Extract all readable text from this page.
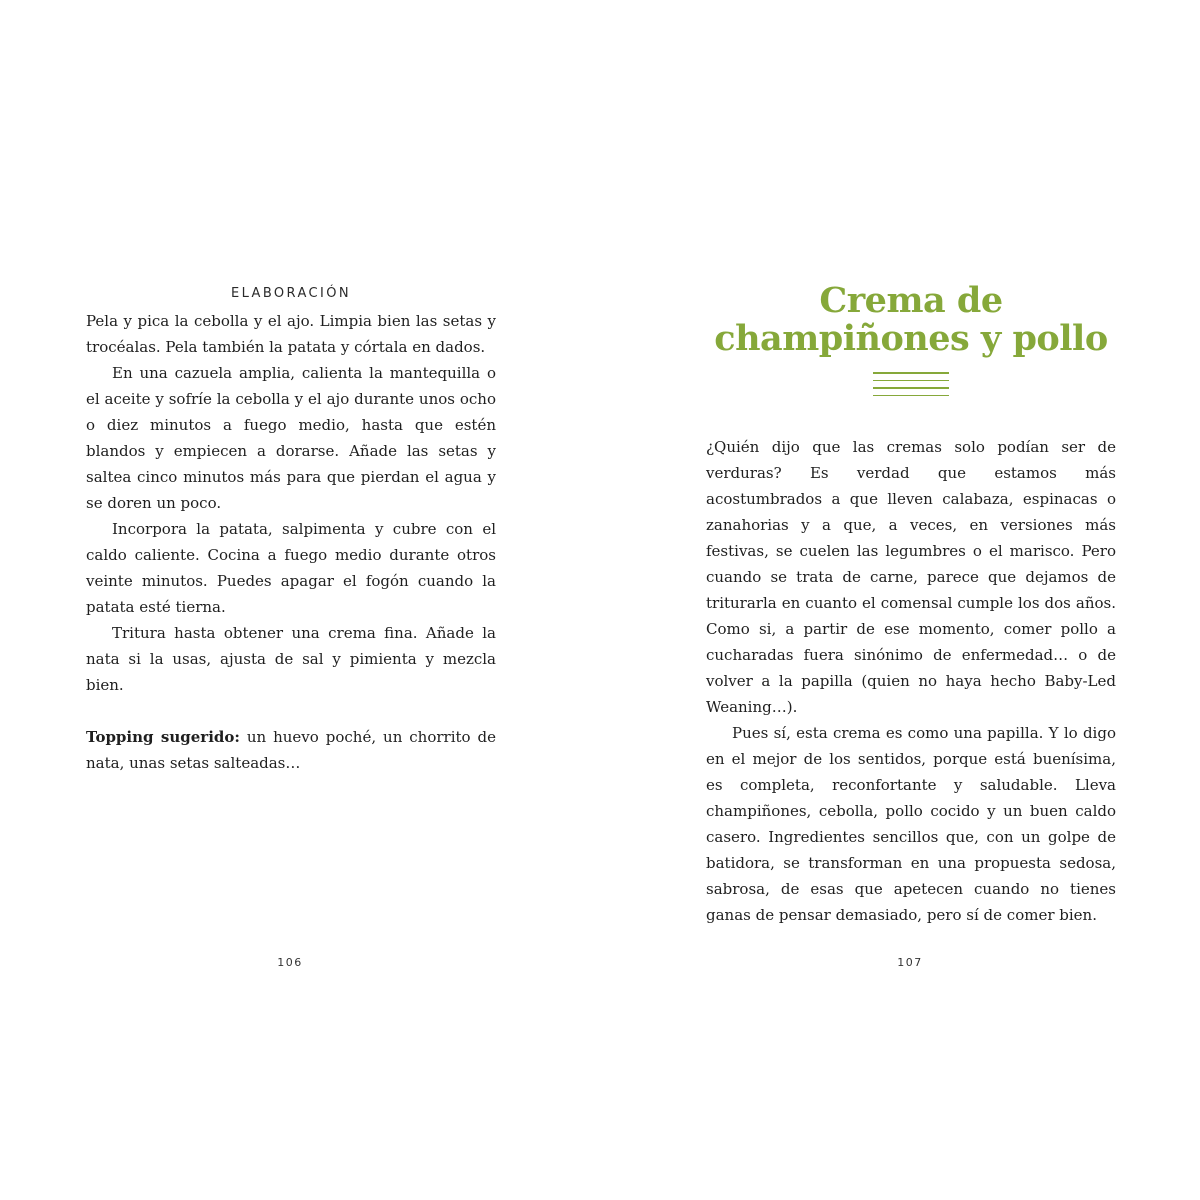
ELABORACIÓN

Pela y pica la cebolla y el ajo. Limpia bien las setas y trocéalas. Pela también la patata y córtala en dados.

En una cazuela amplia, calienta la mantequilla o el aceite y sofríe la cebolla y el ajo durante unos ocho o diez minutos a fuego medio, hasta que estén blandos y empiecen a dorarse. Añade las setas y saltea cinco minutos más para que pierdan el agua y se doren un poco.

Incorpora la patata, salpimenta y cubre con el caldo caliente. Cocina a fuego medio durante otros veinte minutos. Puedes apagar el fogón cuando la patata esté tierna.

Tritura hasta obtener una crema fina. Añade la nata si la usas, ajusta de sal y pimienta y mezcla bien.

Topping sugerido: un huevo poché, un chorrito de nata, unas setas salteadas…

Crema de
champiñones y pollo

¿Quién dijo que las cremas solo podían ser de verduras? Es verdad que estamos más acostumbrados a que lleven calabaza, espinacas o zanahorias y a que, a veces, en versiones más festivas, se cuelen las legumbres o el marisco. Pero cuando se trata de carne, parece que dejamos de triturarla en cuanto el comensal cumple los dos años. Como si, a partir de ese momento, comer pollo a cucharadas fuera sinónimo de enfermedad… o de volver a la papilla (quien no haya hecho Baby-Led Weaning…).

Pues sí, esta crema es como una papilla. Y lo digo en el mejor de los sentidos, porque está buenísima, es completa, reconfortante y saludable. Lleva champiñones, cebolla, pollo cocido y un buen caldo casero. Ingredientes sencillos que, con un golpe de batidora, se transforman en una propuesta sedosa, sabrosa, de esas que apetecen cuando no tienes ganas de pensar demasiado, pero sí de comer bien.

106	107
